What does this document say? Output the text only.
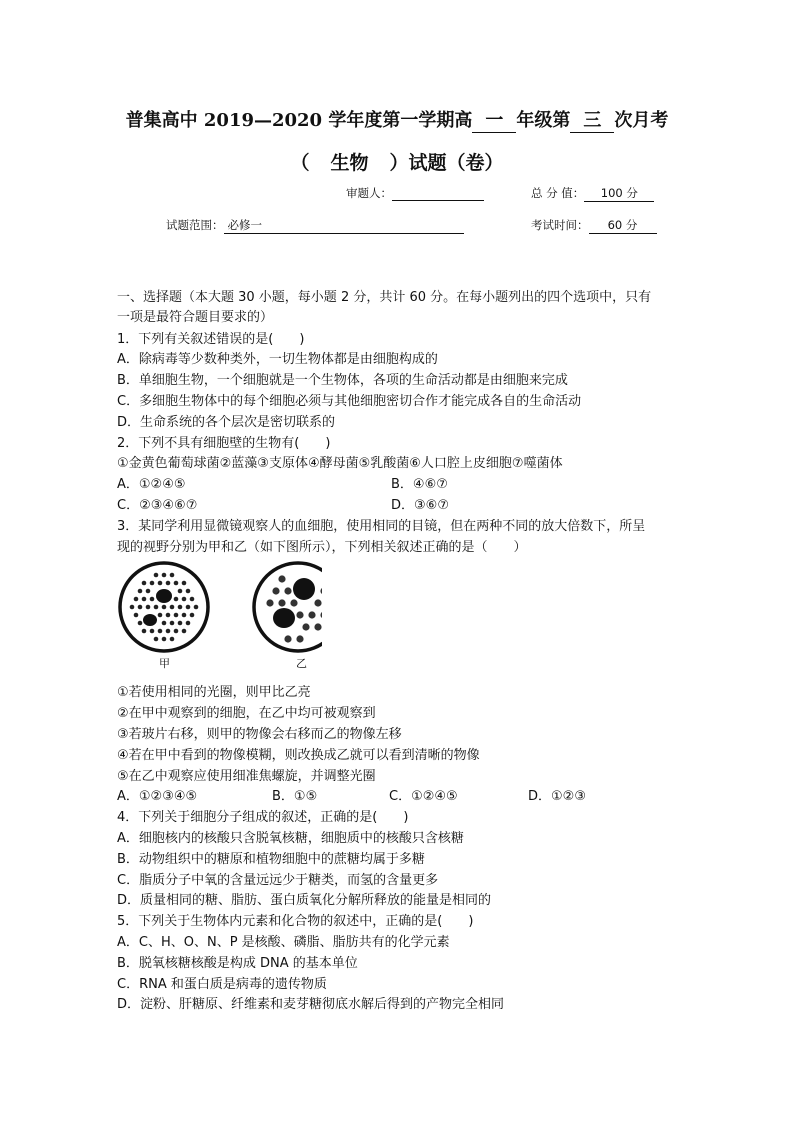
普集高中 2019—2020 学年度第一学期高 一 年级第 三 次月考
（ 生物 ）试题（卷）
审题人：	总 分 值： 100 分
试题范围： 必修一	考试时间： 60 分
一、选择题（本大题 30 小题，每小题 2 分，共计 60 分。在每小题列出的四个选项中，只有
一项是最符合题目要求的）
1．下列有关叙述错误的是(　　)
A．除病毒等少数种类外，一切生物体都是由细胞构成的
B．单细胞生物，一个细胞就是一个生物体，各项的生命活动都是由细胞来完成
C．多细胞生物体中的每个细胞必须与其他细胞密切合作才能完成各自的生命活动
D．生命系统的各个层次是密切联系的
2．下列不具有细胞壁的生物有(　　)
①金黄色葡萄球菌②蓝藻③支原体④酵母菌⑤乳酸菌⑥人口腔上皮细胞⑦噬菌体
A．①②④⑤	B．④⑥⑦
C．②③④⑥⑦	D．③⑥⑦
3．某同学利用显微镜观察人的血细胞，使用相同的目镜，但在两种不同的放大倍数下，所呈
现的视野分别为甲和乙（如下图所示），下列相关叙述正确的是（　　）
甲	乙
①若使用相同的光圈，则甲比乙亮
②在甲中观察到的细胞，在乙中均可被观察到
③若玻片右移，则甲的物像会右移而乙的物像左移
④若在甲中看到的物像模糊，则改换成乙就可以看到清晰的物像
⑤在乙中观察应使用细准焦螺旋，并调整光圈
A．①②③④⑤	B．①⑤	C．①②④⑤	D．①②③
4．下列关于细胞分子组成的叙述，正确的是(　　)
A．细胞核内的核酸只含脱氧核糖，细胞质中的核酸只含核糖
B．动物组织中的糖原和植物细胞中的蔗糖均属于多糖
C．脂质分子中氧的含量远远少于糖类，而氢的含量更多
D．质量相同的糖、脂肪、蛋白质氧化分解所释放的能量是相同的
5．下列关于生物体内元素和化合物的叙述中，正确的是(　　)
A．C、H、O、N、P 是核酸、磷脂、脂肪共有的化学元素
B．脱氧核糖核酸是构成 DNA 的基本单位
C．RNA 和蛋白质是病毒的遗传物质
D．淀粉、肝糖原、纤维素和麦芽糖彻底水解后得到的产物完全相同
